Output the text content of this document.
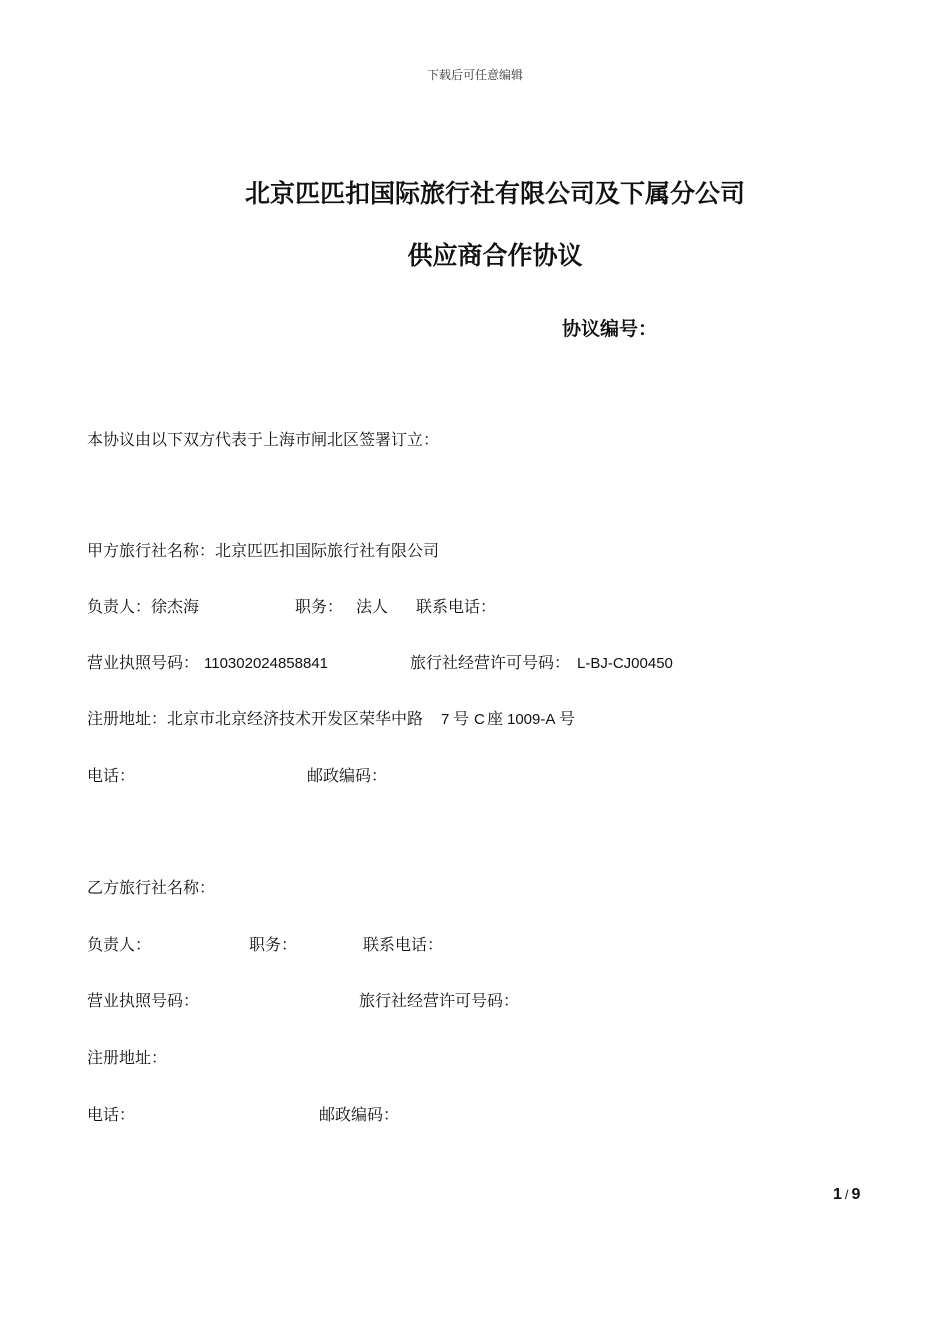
下载后可任意编辑
北京匹匹扣国际旅行社有限公司及下属分公司
供应商合作协议
协议编号：
本协议由以下双方代表于上海市闸北区签署订立：
甲方旅行社名称：北京匹匹扣国际旅行社有限公司
负责人：徐杰海	职务： 法人 联系电话：
营业执照号码： 110302024858841	旅行社经营许可号码： L-BJ-CJ00450
注册地址：北京市北京经济技术开发区荣华中路 7 号 C 座 1009-A 号
电话：	邮政编码：
乙方旅行社名称：
负责人：	职务：	联系电话：
营业执照号码：	旅行社经营许可号码：
注册地址：
电话：	邮政编码：
1 / 9
